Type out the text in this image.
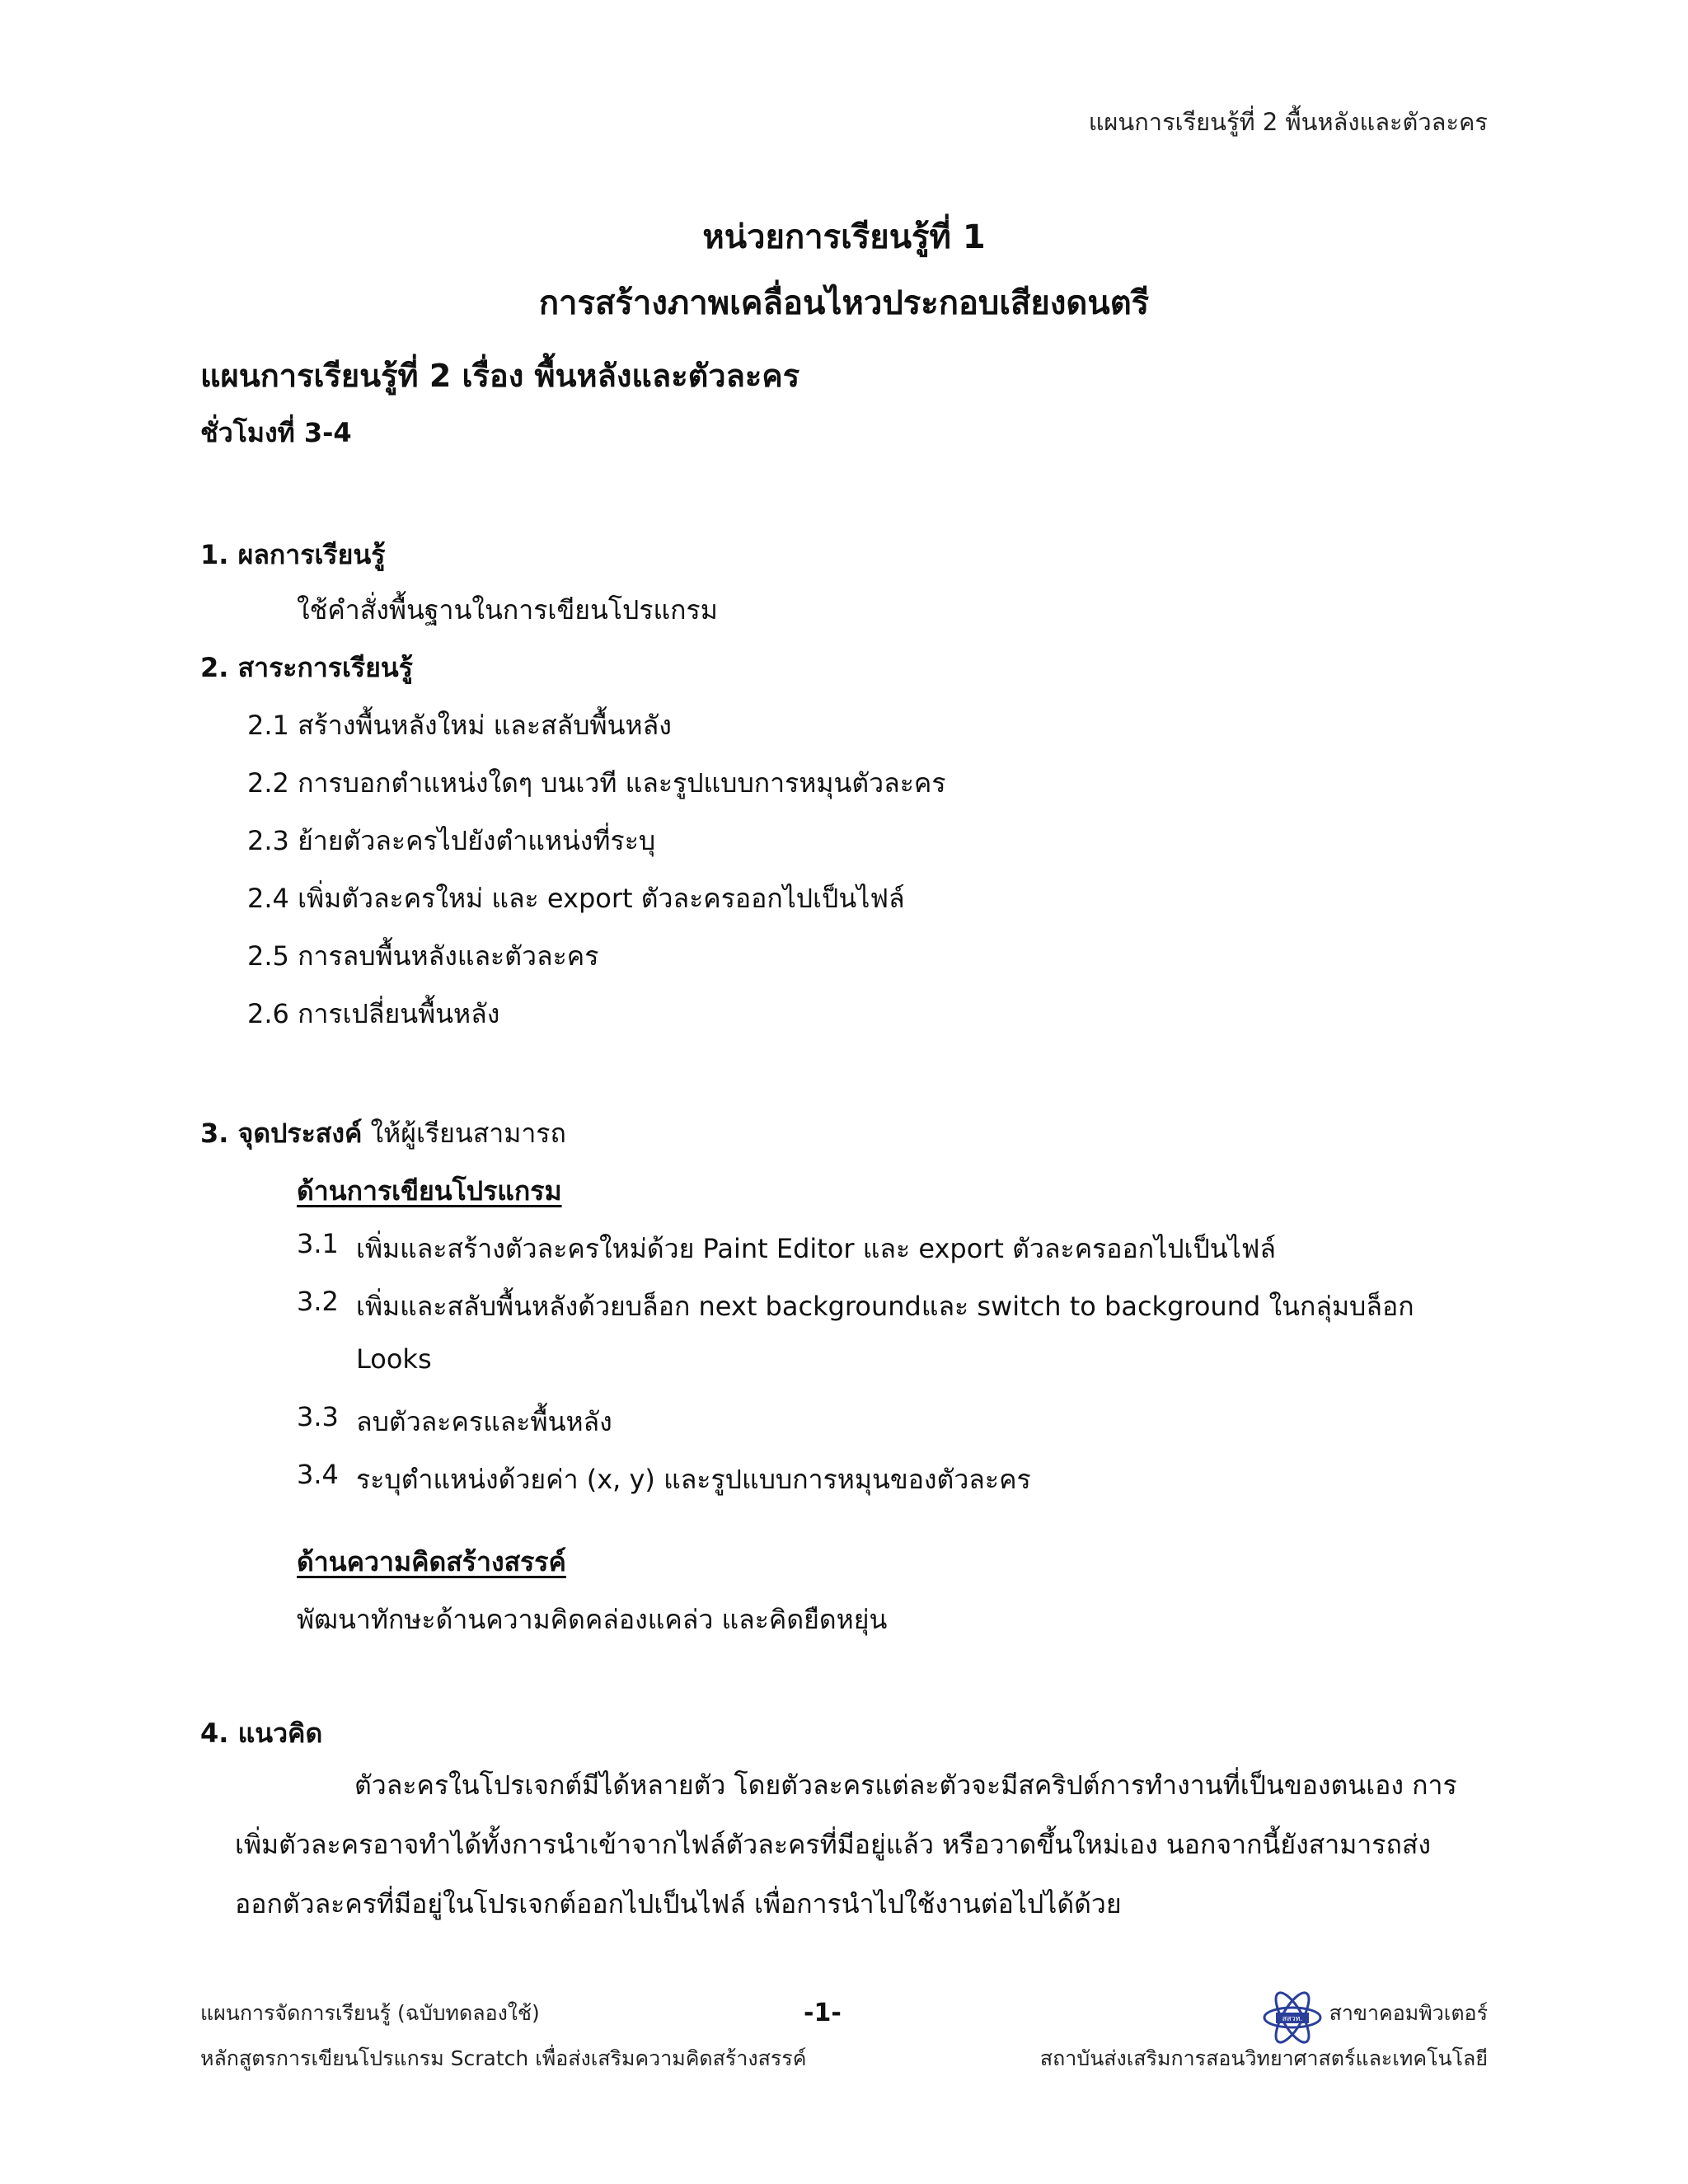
แผนการเรียนรู้ที่ 2 พื้นหลังและตัวละคร
หน่วยการเรียนรู้ที่ 1
การสร้างภาพเคลื่อนไหวประกอบเสียงดนตรี
แผนการเรียนรู้ที่ 2 เรื่อง พื้นหลังและตัวละคร
ชั่วโมงที่ 3-4
1. ผลการเรียนรู้
ใช้คำสั่งพื้นฐานในการเขียนโปรแกรม
2. สาระการเรียนรู้
2.1 สร้างพื้นหลังใหม่ และสลับพื้นหลัง
2.2 การบอกตำแหน่งใดๆ บนเวที และรูปแบบการหมุนตัวละคร
2.3 ย้ายตัวละครไปยังตำแหน่งที่ระบุ
2.4 เพิ่มตัวละครใหม่ และ export ตัวละครออกไปเป็นไฟล์
2.5 การลบพื้นหลังและตัวละคร
2.6 การเปลี่ยนพื้นหลัง
3. จุดประสงค์ ให้ผู้เรียนสามารถ
ด้านการเขียนโปรแกรม
3.1 เพิ่มและสร้างตัวละครใหม่ด้วย Paint Editor และ export ตัวละครออกไปเป็นไฟล์
3.2 เพิ่มและสลับพื้นหลังด้วยบล็อก next backgroundและ switch to background ในกลุ่มบล็อก
Looks
3.3 ลบตัวละครและพื้นหลัง
3.4 ระบุตำแหน่งด้วยค่า (x, y) และรูปแบบการหมุนของตัวละคร
ด้านความคิดสร้างสรรค์
พัฒนาทักษะด้านความคิดคล่องแคล่ว และคิดยืดหยุ่น
4. แนวคิด
ตัวละครในโปรเจกต์มีได้หลายตัว โดยตัวละครแต่ละตัวจะมีสคริปต์การทำงานที่เป็นของตนเอง การเพิ่มตัวละครอาจทำได้ทั้งการนำเข้าจากไฟล์ตัวละครที่มีอยู่แล้ว หรือวาดขึ้นใหม่เอง นอกจากนี้ยังสามารถส่งออกตัวละครที่มีอยู่ในโปรเจกต์ออกไปเป็นไฟล์ เพื่อการนำไปใช้งานต่อไปได้ด้วย
แผนการจัดการเรียนรู้ (ฉบับทดลองใช้)
หลักสูตรการเขียนโปรแกรม Scratch เพื่อส่งเสริมความคิดสร้างสรรค์
-1-	สสวท. สาขาคอมพิวเตอร์
สถาบันส่งเสริมการสอนวิทยาศาสตร์และเทคโนโลยี
